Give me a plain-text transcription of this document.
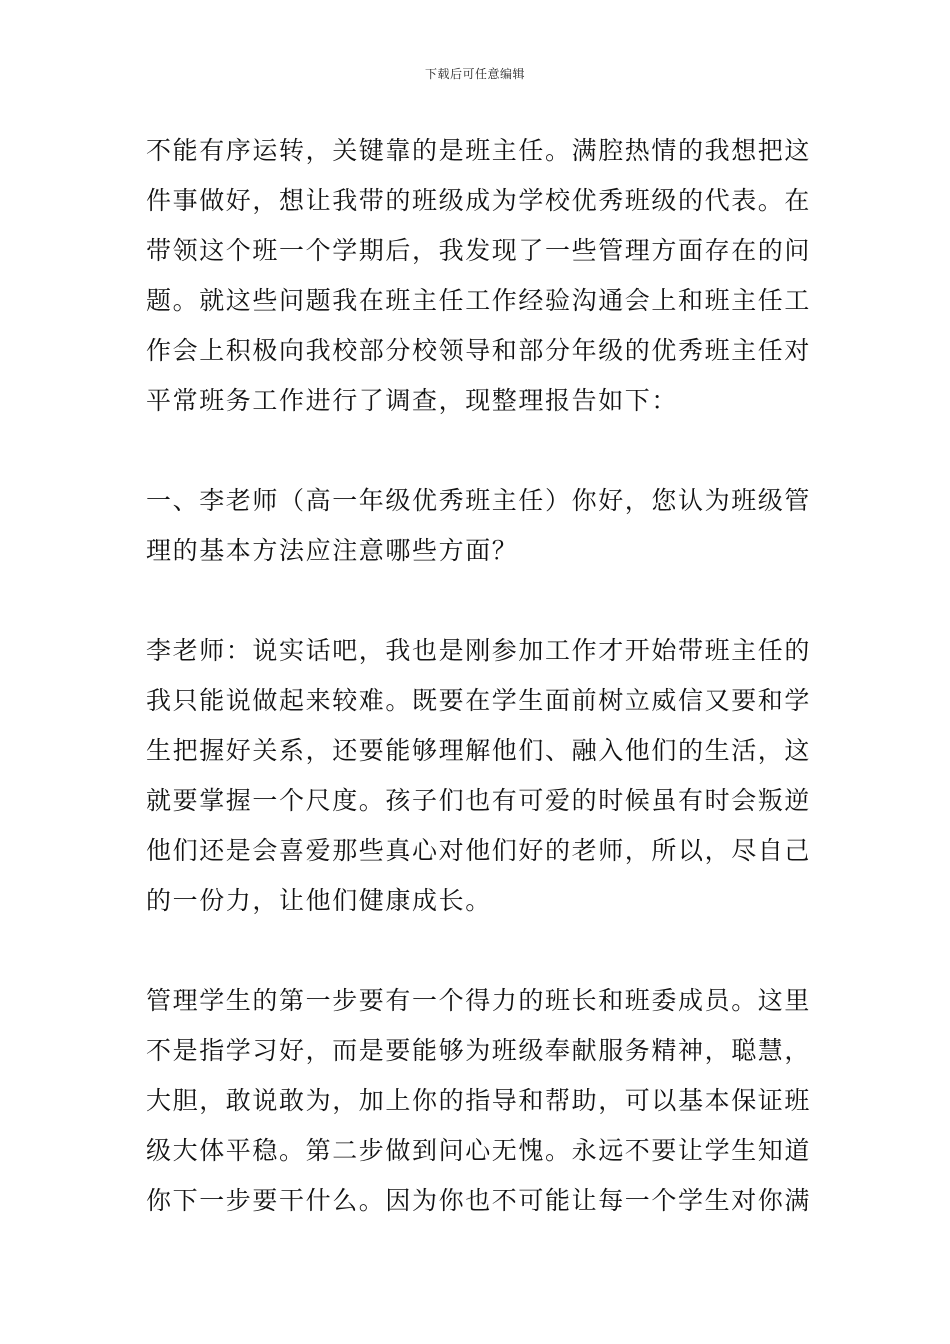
下载后可任意编辑
不能有序运转，关键靠的是班主任。满腔热情的我想把这
件事做好，想让我带的班级成为学校优秀班级的代表。在
带领这个班一个学期后，我发现了一些管理方面存在的问
题。就这些问题我在班主任工作经验沟通会上和班主任工
作会上积极向我校部分校领导和部分年级的优秀班主任对
平常班务工作进行了调查，现整理报告如下：
一、李老师（高一年级优秀班主任）你好，您认为班级管
理的基本方法应注意哪些方面？
李老师：说实话吧，我也是刚参加工作才开始带班主任的
我只能说做起来较难。既要在学生面前树立威信又要和学
生把握好关系，还要能够理解他们、融入他们的生活，这
就要掌握一个尺度。孩子们也有可爱的时候虽有时会叛逆
他们还是会喜爱那些真心对他们好的老师，所以，尽自己
的一份力，让他们健康成长。
管理学生的第一步要有一个得力的班长和班委成员。这里
不是指学习好，而是要能够为班级奉献服务精神，聪慧，
大胆，敢说敢为，加上你的指导和帮助，可以基本保证班
级大体平稳。第二步做到问心无愧。永远不要让学生知道
你下一步要干什么。因为你也不可能让每一个学生对你满
